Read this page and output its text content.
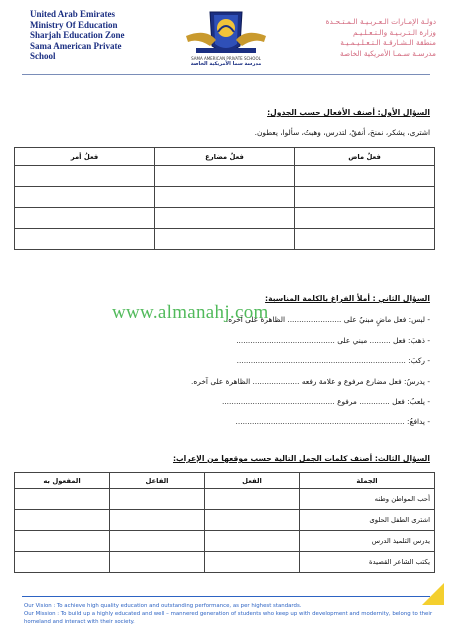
United Arab Emirates
Ministry Of Education
Sharjah Education Zone
Sama American Private
School	SAMA AMERICAN PRIVATE SCHOOL
مدرسة سما الأمريكية الخاصة
دولـة الإمـارات الـعـربـيـة الـمـتـحـدة
وزارة الـتـربـيـة والـتـعـلـيـم
منطقة الـشـارقـة الـتـعـلـيـمـيـة
مدرسـة سـمـا الأمريكية الخاصة
السؤال الأول: أصنف الأفعال حسب الجدول:
اشترى، يشكر، نمنحَ، أنفقْ، لتدرس، وهبتُ، سألوا، يعطون.
فعلٌ ماض	فعلٌ مضارع	فعلُ أمر

السؤال الثاني : أملأ الفراغ بالكلمة المناسبة:
www.almanahj.com
- لبس: فعل ماضٍ مبنيٌ على ....................... الظاهرة على آخره.
- ذهبَ: فعل ......... مبني على ..........................................
- ركبَ: ........................................................................
- يدرسُ: فعل مضارع مرفوع و علامة رفعه .................... الظاهرة على آخره.
- يلعبُ: فعل ............. مرفوع ................................................
- يدافعُ: ........................................................................
السؤال الثالث: أصنف كلمات الجمل التالية حسب موقعها من الإعراب:
الجملة	الفعل	الفاعل	المفعول به
أحب المواطن وطنه			
اشترى الطفل الحلوى			
يدرس التلميذ الدرس			
يكتب الشاعر القصيدة			
Our Vision : To achieve high quality education and outstanding performance, as per highest standards.
Our Mission : To build up a highly educated and well – mannered generation of students who keep up with development and modernity, belong to their homeland and interact with their society.
